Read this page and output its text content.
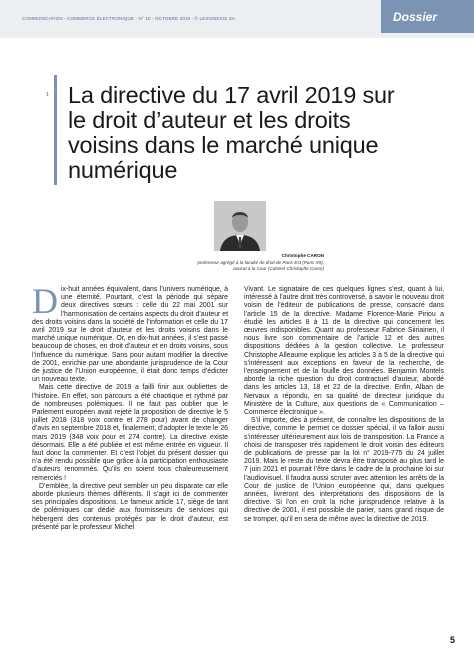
COMMUNICATION - COMMERCE ÉLECTRONIQUE - N° 10 - OCTOBRE 2019 - © LEXISNEXIS SA	Dossier
1 La directive du 17 avril 2019 sur le droit d’auteur et les droits voisins dans le marché unique numérique
Christophe CARON
professeur agrégé à la faculté de droit de Paris-Est (Paris XII),
avocat à la Cour (Cabinet Christophe Caron)

Dix-huit années équivalent, dans l’univers numérique, à une éternité. Pourtant, c’est la période qui sépare deux directives sœurs : celle du 22 mai 2001 sur l’harmonisation de certains aspects du droit d’auteur et des droits voisins dans la société de l’information et celle du 17 avril 2019 sur le droit d’auteur et les droits voisins dans le marché unique numérique. Or, en dix-huit années, il s’est passé beaucoup de choses, en droit d’auteur et en droits voisins, sous l’influence du numérique. Sans pour autant modifier la directive de 2001, enrichie par une abondante jurisprudence de la Cour de justice de l’Union européenne, il était donc temps d’édicter un nouveau texte.

Mais cette directive de 2019 a failli finir aux oubliettes de l’histoire. En effet, son parcours a été chaotique et rythmé par de nombreuses polémiques. Il ne faut pas oublier que le Parlement européen avait rejeté la proposition de directive le 5 juillet 2018 (318 voix contre et 278 pour) avant de changer d’avis en septembre 2018 et, finalement, d’adopter le texte le 26 mars 2019 (348 voix pour et 274 contre). La directive existe désormais. Elle a été publiée et est même entrée en vigueur. Il faut donc la commenter. Et c’est l’objet du présent dossier qui n’a été rendu possible que grâce à la participation enthousiaste d’auteurs renommés. Qu’ils en soient tous chaleureusement remerciés !

D’emblée, la directive peut sembler un peu disparate car elle aborde plusieurs thèmes différents. Il s’agit ici de commenter ses principales dispositions. Le fameux article 17, siège de tant de polémiques car dédié aux fournisseurs de services qui hébergent des contenus protégés par le droit d’auteur, est présenté par le professeur Michel

Vivant. Le signataire de ces quelques lignes s’est, quant à lui, intéressé à l’autre droit très controversé, à savoir le nouveau droit voisin de l’éditeur de publications de presse, consacré dans l’article 15 de la directive. Madame Florence-Marie Piriou a étudié les articles 8 à 11 de la directive qui concernent les œuvres indisponibles. Quant au professeur Fabrice Siiriainen, il nous livre son commentaire de l’article 12 et des autres dispositions dédiées à la gestion collective. Le professeur Christophe Alleaume explique les articles 3 à 5 de la directive qui s’intéressent aux exceptions en faveur de la recherche, de l’enseignement et de la fouille des données. Benjamin Montels aborde la riche question du droit contractuel d’auteur, abordé dans les articles 13, 18 et 22 de la directive. Enfin, Alban de Nervaux a répondu, en sa qualité de directeur juridique du Ministère de la Culture, aux questions de « Communication – Commerce électronique ».

S’il importe, dès à présent, de connaître les dispositions de la directive, comme le permet ce dossier spécial, il va falloir aussi s’intéresser ultérieurement aux lois de transposition. La France a choisi de transposer très rapidement le droit voisin des éditeurs de publications de presse par la loi n° 2019-775 du 24 juillet 2019. Mais le reste du texte devra être transposé au plus tard le 7 juin 2021 et pourrait l’être dans le cadre de la prochaine loi sur l’audiovisuel. Il faudra aussi scruter avec attention les arrêts de la Cour de justice de l’Union européenne qui, dans quelques années, livreront des interprétations des dispositions de la directive. Si l’on en croit la riche jurisprudence relative à la directive de 2001, il est possible de parier, sans grand risque de se tromper, qu’il en sera de même avec la directive de 2019.

5
